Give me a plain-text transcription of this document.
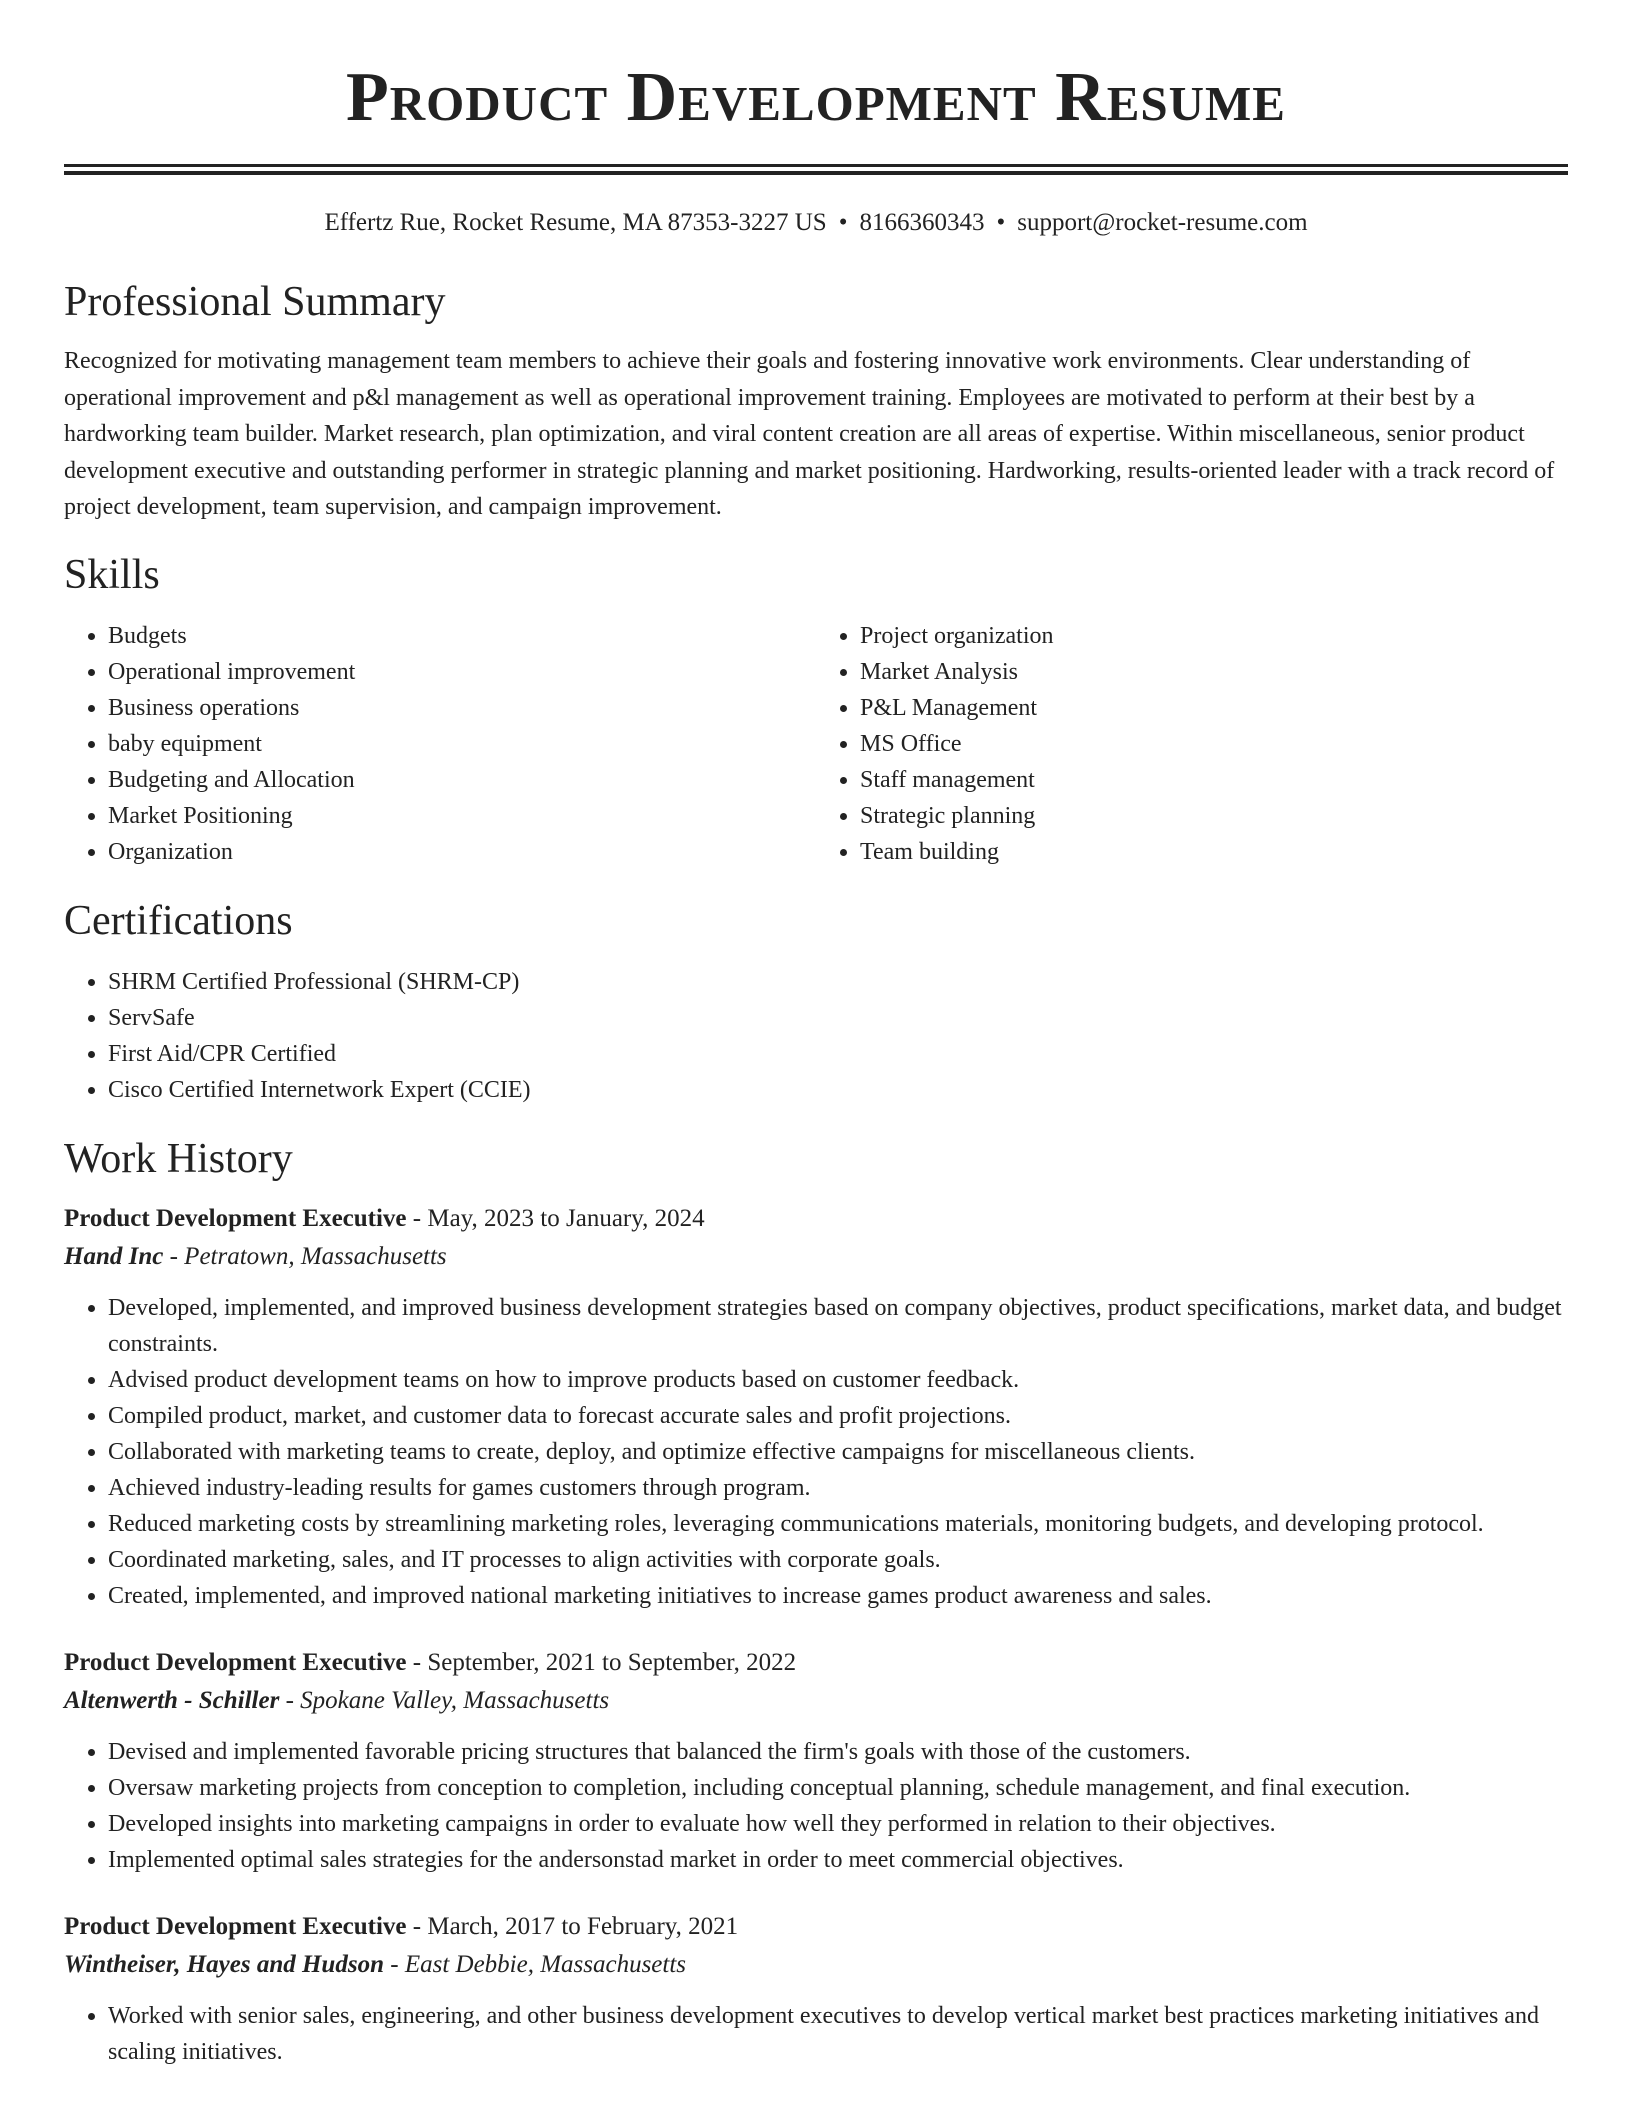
Product Development Resume
Effertz Rue, Rocket Resume, MA 87353-3227 US • 8166360343 • support@rocket-resume.com
Professional Summary

Recognized for motivating management team members to achieve their goals and fostering innovative work environments. Clear understanding of operational improvement and p&l management as well as operational improvement training. Employees are motivated to perform at their best by a hardworking team builder. Market research, plan optimization, and viral content creation are all areas of expertise. Within miscellaneous, senior product development executive and outstanding performer in strategic planning and market positioning. Hardworking, results-oriented leader with a track record of project development, team supervision, and campaign improvement.

Skills
• Budgets
• Operational improvement
• Business operations
• baby equipment
• Budgeting and Allocation
• Market Positioning
• Organization
• Project organization
• Market Analysis
• P&L Management
• MS Office
• Staff management
• Strategic planning
• Team building
Certifications
• SHRM Certified Professional (SHRM-CP)
• ServSafe
• First Aid/CPR Certified
• Cisco Certified Internetwork Expert (CCIE)
Work History
Product Development Executive - May, 2023 to January, 2024
Hand Inc - Petratown, Massachusetts
• Developed, implemented, and improved business development strategies based on company objectives, product specifications, market data, and budget constraints.
• Advised product development teams on how to improve products based on customer feedback.
• Compiled product, market, and customer data to forecast accurate sales and profit projections.
• Collaborated with marketing teams to create, deploy, and optimize effective campaigns for miscellaneous clients.
• Achieved industry-leading results for games customers through program.
• Reduced marketing costs by streamlining marketing roles, leveraging communications materials, monitoring budgets, and developing protocol.
• Coordinated marketing, sales, and IT processes to align activities with corporate goals.
• Created, implemented, and improved national marketing initiatives to increase games product awareness and sales.
Product Development Executive - September, 2021 to September, 2022
Altenwerth - Schiller - Spokane Valley, Massachusetts
• Devised and implemented favorable pricing structures that balanced the firm's goals with those of the customers.
• Oversaw marketing projects from conception to completion, including conceptual planning, schedule management, and final execution.
• Developed insights into marketing campaigns in order to evaluate how well they performed in relation to their objectives.
• Implemented optimal sales strategies for the andersonstad market in order to meet commercial objectives.
Product Development Executive - March, 2017 to February, 2021
Wintheiser, Hayes and Hudson - East Debbie, Massachusetts
• Worked with senior sales, engineering, and other business development executives to develop vertical market best practices marketing initiatives and scaling initiatives.
